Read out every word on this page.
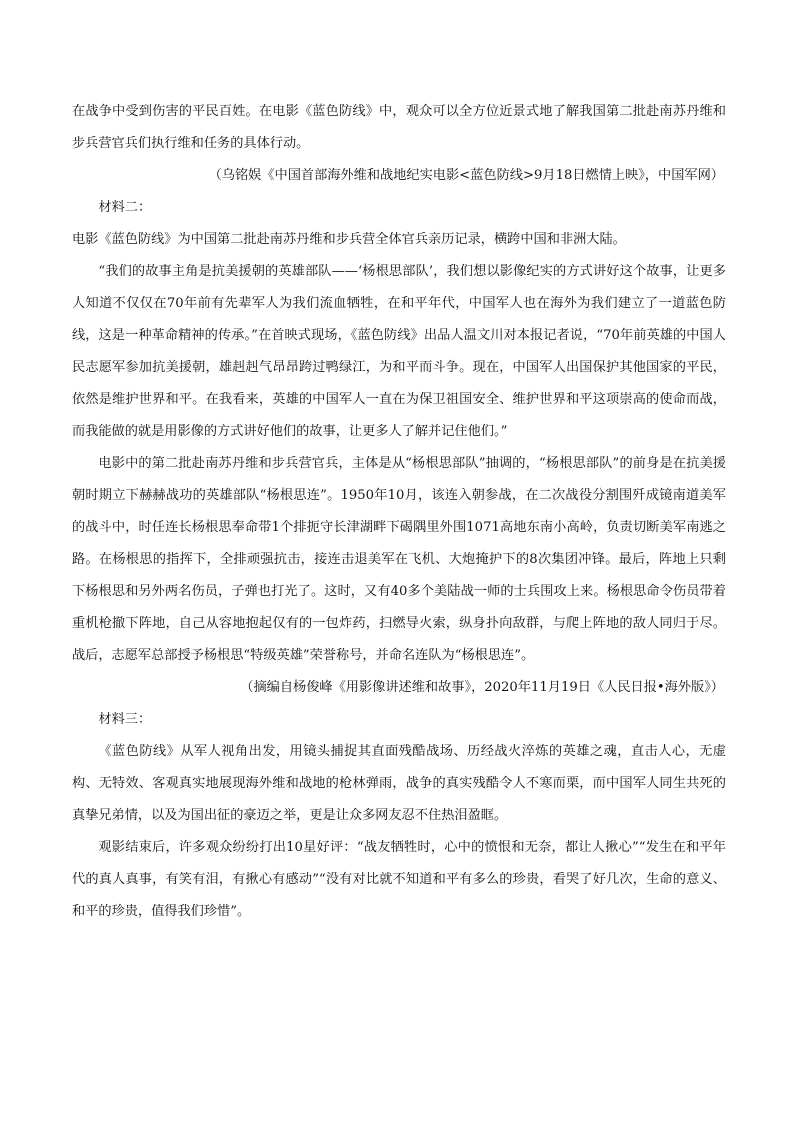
在战争中受到伤害的平民百姓。在电影《蓝色防线》中，观众可以全方位近景式地了解我国第二批赴南苏丹维和步兵营官兵们执行维和任务的具体行动。

（乌铭娱《中国首部海外维和战地纪实电影<蓝色防线>9月18日燃情上映》，中国军网）

材料二：

电影《蓝色防线》为中国第二批赴南苏丹维和步兵营全体官兵亲历记录，横跨中国和非洲大陆。

“我们的故事主角是抗美援朝的英雄部队——‘杨根思部队’，我们想以影像纪实的方式讲好这个故事，让更多人知道不仅仅在70年前有先辈军人为我们流血牺牲，在和平年代，中国军人也在海外为我们建立了一道蓝色防线，这是一种革命精神的传承。”在首映式现场，《蓝色防线》出品人温文川对本报记者说，“70年前英雄的中国人民志愿军参加抗美援朝，雄赳赳气昂昂跨过鸭绿江，为和平而斗争。现在，中国军人出国保护其他国家的平民，依然是维护世界和平。在我看来，英雄的中国军人一直在为保卫祖国安全、维护世界和平这项崇高的使命而战，而我能做的就是用影像的方式讲好他们的故事，让更多人了解并记住他们。”

电影中的第二批赴南苏丹维和步兵营官兵，主体是从“杨根思部队”抽调的，“杨根思部队”的前身是在抗美援朝时期立下赫赫战功的英雄部队“杨根思连”。1950年10月，该连入朝参战，在二次战役分割围歼成镜南道美军的战斗中，时任连长杨根思奉命带1个排扼守长津湖畔下碣隅里外围1071高地东南小高岭，负责切断美军南逃之路。在杨根思的指挥下，全排顽强抗击，接连击退美军在飞机、大炮掩护下的8次集团冲锋。最后，阵地上只剩下杨根思和另外两名伤员，子弹也打光了。这时，又有40多个美陆战一师的士兵围攻上来。杨根思命令伤员带着重机枪撤下阵地，自己从容地抱起仅有的一包炸药，扫燃导火索，纵身扑向敌群，与爬上阵地的敌人同归于尽。战后，志愿军总部授予杨根思“特级英雄”荣誉称号，并命名连队为“杨根思连”。

（摘编自杨俊峰《用影像讲述维和故事》，2020年11月19日《人民日报•海外版》）

材料三：

《蓝色防线》从军人视角出发，用镜头捕捉其直面残酷战场、历经战火淬炼的英雄之魂，直击人心，无虚构、无特效、客观真实地展现海外维和战地的枪林弹雨，战争的真实残酷令人不寒而栗，而中国军人同生共死的真挚兄弟情，以及为国出征的豪迈之举，更是让众多网友忍不住热泪盈眶。

观影结束后，许多观众纷纷打出10星好评：“战友牺牲时，心中的愤恨和无奈，都让人揪心”“发生在和平年代的真人真事，有笑有泪，有揪心有感动”“没有对比就不知道和平有多么的珍贵，看哭了好几次，生命的意义、和平的珍贵，值得我们珍惜”。
